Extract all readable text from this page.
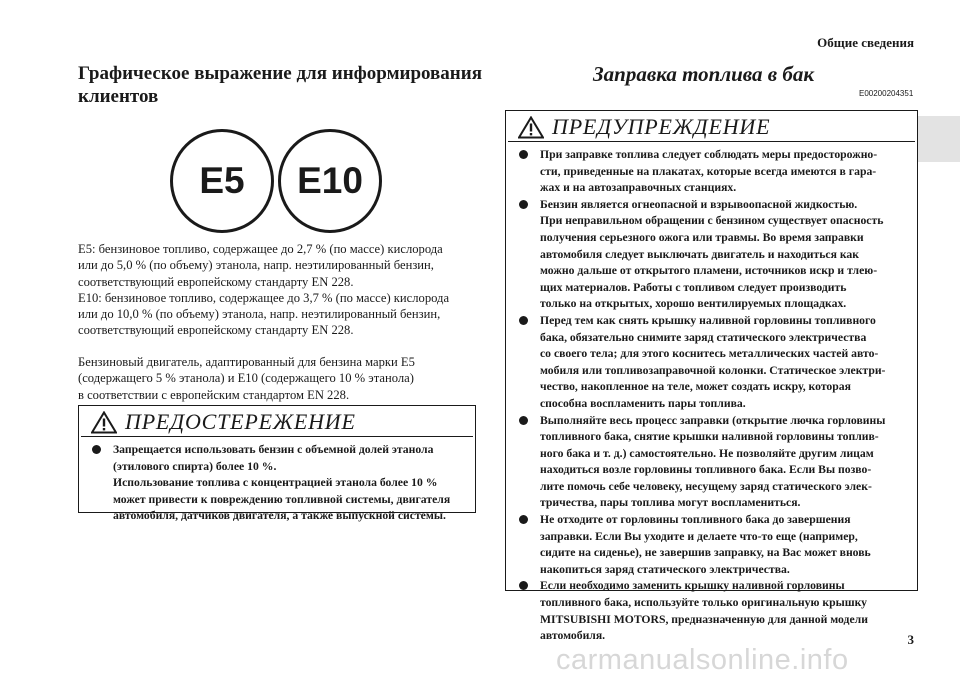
Общие сведения
Графическое выражение для информирования
клиентов
E5	E10

E5: бензиновое топливо, содержащее до 2,7 % (по массе) кислорода
или до 5,0 % (по объему) этанола, напр. неэтилированный бензин,
соответствующий европейскому стандарту EN 228.
E10: бензиновое топливо, содержащее до 3,7 % (по массе) кислорода
или до 10,0 % (по объему) этанола, напр. неэтилированный бензин,
соответствующий европейскому стандарту EN 228.

Бензиновый двигатель, адаптированный для бензина марки E5
(содержащего 5 % этанола) и E10 (содержащего 10 % этанола)
в соответствии с европейским стандартом EN 228.

ПРЕДОСТЕРЕЖЕНИЕ
Запрещается использовать бензин с объемной долей этанола
(этилового спирта) более 10 %.
Использование топлива с концентрацией этанола более 10 %
может привести к повреждению топливной системы, двигателя
автомобиля, датчиков двигателя, а также выпускной системы.
Заправка топлива в бак
E00200204351
ПРЕДУПРЕЖДЕНИЕ
При заправке топлива следует соблюдать меры предосторожно-
сти, приведенные на плакатах, которые всегда имеются в гара-
жах и на автозаправочных станциях.
Бензин является огнеопасной и взрывоопасной жидкостью.
При неправильном обращении с бензином существует опасность
получения серьезного ожога или травмы. Во время заправки
автомобиля следует выключать двигатель и находиться как
можно дальше от открытого пламени, источников искр и тлею-
щих материалов. Работы с топливом следует производить
только на открытых, хорошо вентилируемых площадках.
Перед тем как снять крышку наливной горловины топливного
бака, обязательно снимите заряд статического электричества
со своего тела; для этого коснитесь металлических частей авто-
мобиля или топливозаправочной колонки. Статическое электри-
чество, накопленное на теле, может создать искру, которая
способна воспламенить пары топлива.
Выполняйте весь процесс заправки (открытие лючка горловины
топливного бака, снятие крышки наливной горловины топлив-
ного бака и т. д.) самостоятельно. Не позволяйте другим лицам
находиться возле горловины топливного бака. Если Вы позво-
лите помочь себе человеку, несущему заряд статического элек-
тричества, пары топлива могут воспламениться.
Не отходите от горловины топливного бака до завершения
заправки. Если Вы уходите и делаете что-то еще (например,
сидите на сиденье), не завершив заправку, на Вас может вновь
накопиться заряд статического электричества.
Если необходимо заменить крышку наливной горловины
топливного бака, используйте только оригинальную крышку
MITSUBISHI MOTORS, предназначенную для данной модели
автомобиля.	3
carmanualsonline.info
